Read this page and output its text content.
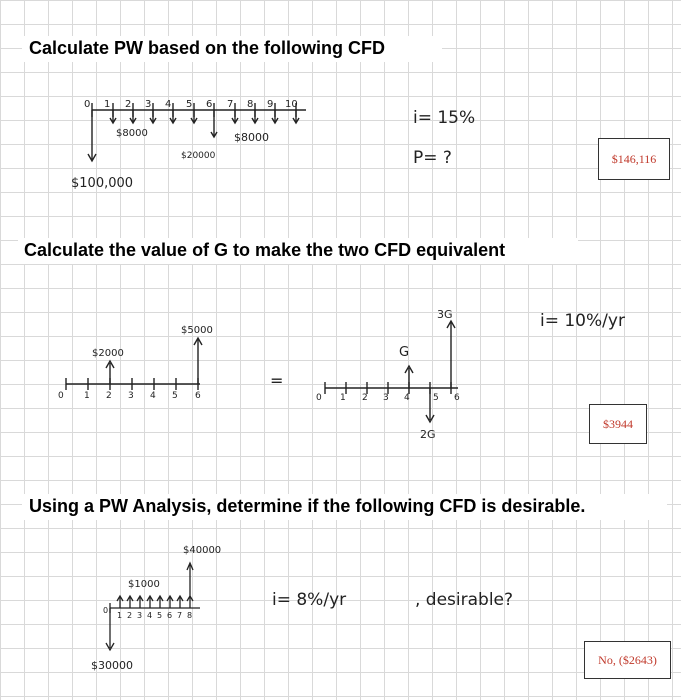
Calculate PW based on the following CFD
0 1 2 3 4 5 6 7 8 9 10
$8000
$20000
$8000
$100,000
i= 15%
P= ?	$146,116
Calculate the value of G to make the two CFD equivalent
0 1 2 3 4 5 6
$2000
$5000
=
0 1 2 3 4	5 6
G
3G
2G
i= 10%/yr
$3944
Using a PW Analysis, determine if the following CFD is desirable.
0
1 2 3 4 5 6 7 8
$40000
$1000
$30000
i= 8%/yr	, desirable?
No, ($2643)
